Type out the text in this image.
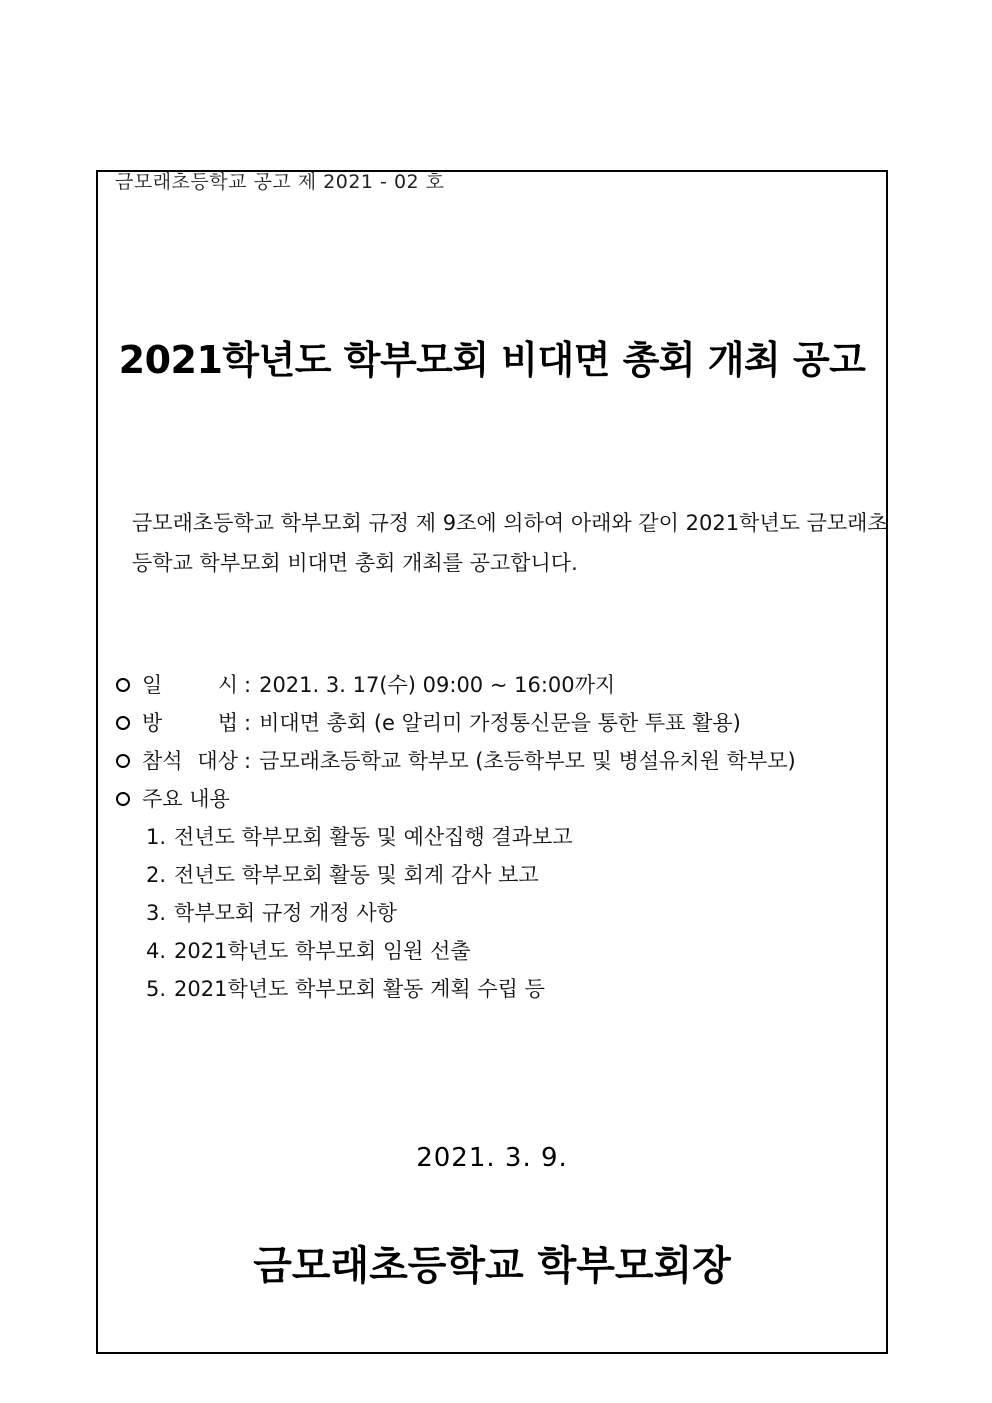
금모래초등학교 공고 제 2021 - 02 호
2021학년도 학부모회 비대면 총회 개최 공고
금모래초등학교 학부모회 규정 제 9조에 의하여 아래와 같이 2021학년도 금모래초
등학교 학부모회 비대면 총회 개최를 공고합니다.
일 시 : 2021. 3. 17(수) 09:00 ~ 16:00까지
방 법 : 비대면 총회 (e 알리미 가정통신문을 통한 투표 활용)
참석 대상 : 금모래초등학교 학부모 (초등학부모 및 병설유치원 학부모)
주요 내용
1. 전년도 학부모회 활동 및 예산집행 결과보고
2. 전년도 학부모회 활동 및 회계 감사 보고
3. 학부모회 규정 개정 사항
4. 2021학년도 학부모회 임원 선출
5. 2021학년도 학부모회 활동 계획 수립 등
2021. 3. 9.
금모래초등학교 학부모회장
